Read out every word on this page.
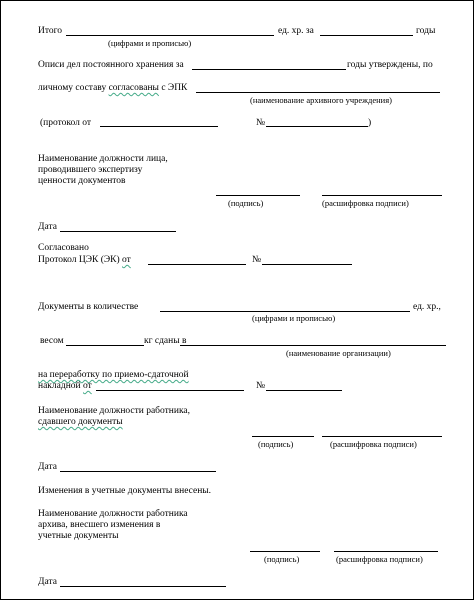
Итого	ед. хр. за	годы
(цифрами и прописью)
Описи дел постоянного хранения за	годы утверждены, по
личному составу согласованы с ЭПК
(наименование архивного учреждения)
(протокол от	№	)
Наименование должности лица,
проводившего экспертизу
ценности документов
(подпись)	(расшифровка подписи)
Дата
Согласовано
Протокол ЦЭК (ЭК) от	№
Документы в количестве	ед. хр.,
(цифрами и прописью)
весом	кг сданы в
(наименование организации)
на переработку по приемо-сдаточной
накладной от	№
Наименование должности работника,
сдавшего документы
(подпись)	(расшифровка подписи)
Дата
Изменения в учетные документы внесены.
Наименование должности работника
архива, внесшего изменения в
учетные документы
(подпись)	(расшифровка подписи)
Дата
